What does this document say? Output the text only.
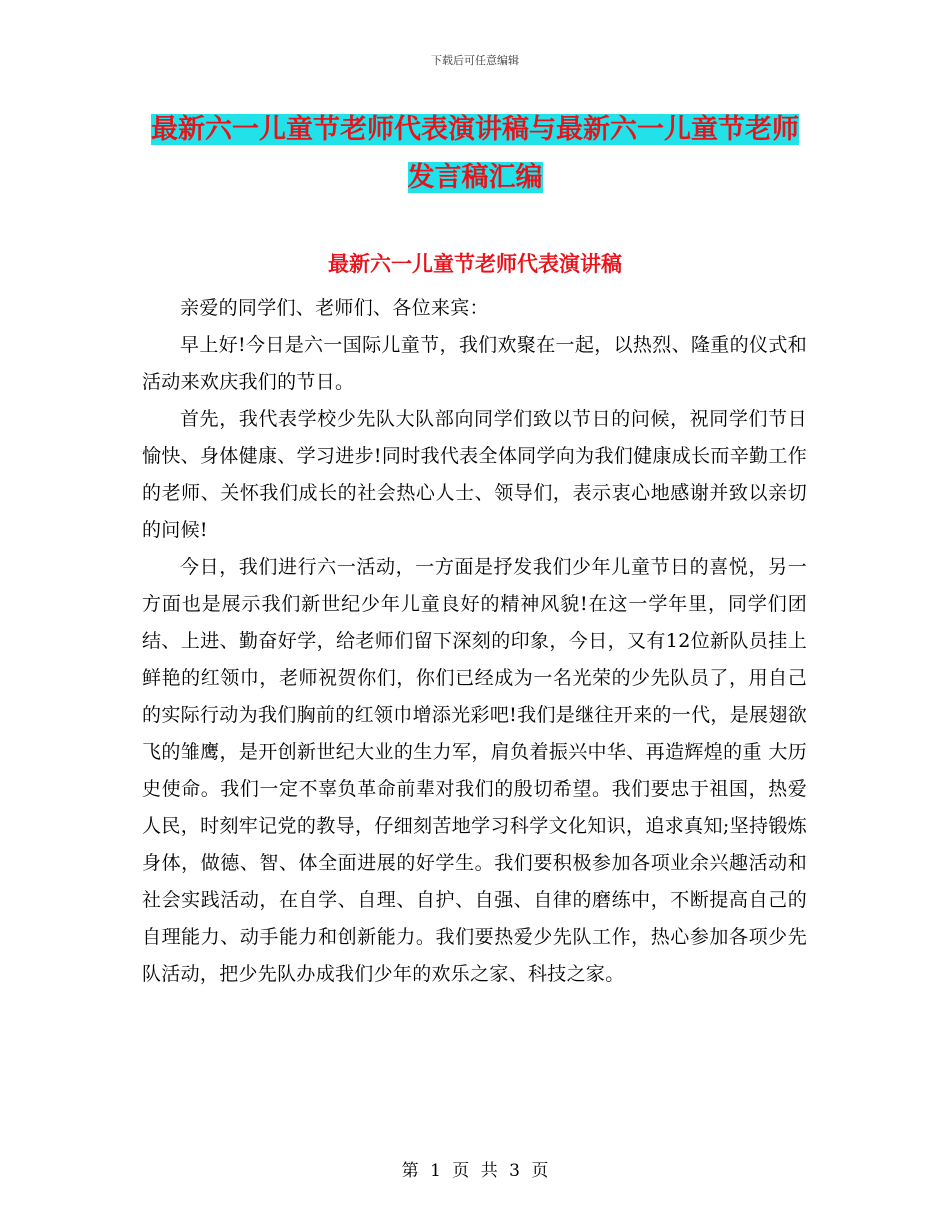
下载后可任意编辑
最新六一儿童节老师代表演讲稿与最新六一儿童节老师发言稿汇编
最新六一儿童节老师代表演讲稿

亲爱的同学们、老师们、各位来宾：

早上好!今日是六一国际儿童节，我们欢聚在一起，以热烈、隆重的仪式和活动来欢庆我们的节日。

首先，我代表学校少先队大队部向同学们致以节日的问候，祝同学们节日愉快、身体健康、学习进步!同时我代表全体同学向为我们健康成长而辛勤工作的老师、关怀我们成长的社会热心人士、领导们，表示衷心地感谢并致以亲切的问候!

今日，我们进行六一活动，一方面是抒发我们少年儿童节日的喜悦，另一方面也是展示我们新世纪少年儿童良好的精神风貌!在这一学年里，同学们团结、上进、勤奋好学，给老师们留下深刻的印象，今日，又有12位新队员挂上鲜艳的红领巾，老师祝贺你们，你们已经成为一名光荣的少先队员了，用自己的实际行动为我们胸前的红领巾增添光彩吧!我们是继往开来的一代，是展翅欲飞的雏鹰，是开创新世纪大业的生力军，肩负着振兴中华、再造辉煌的重 大历史使命。我们一定不辜负革命前辈对我们的殷切希望。我们要忠于祖国，热爱人民，时刻牢记党的教导，仔细刻苦地学习科学文化知识，追求真知;坚持锻炼身体，做德、智、体全面进展的好学生。我们要积极参加各项业余兴趣活动和社会实践活动，在自学、自理、自护、自强、自律的磨练中，不断提高自己的自理能力、动手能力和创新能力。我们要热爱少先队工作，热心参加各项少先队活动，把少先队办成我们少年的欢乐之家、科技之家。

第 1 页 共 3 页
